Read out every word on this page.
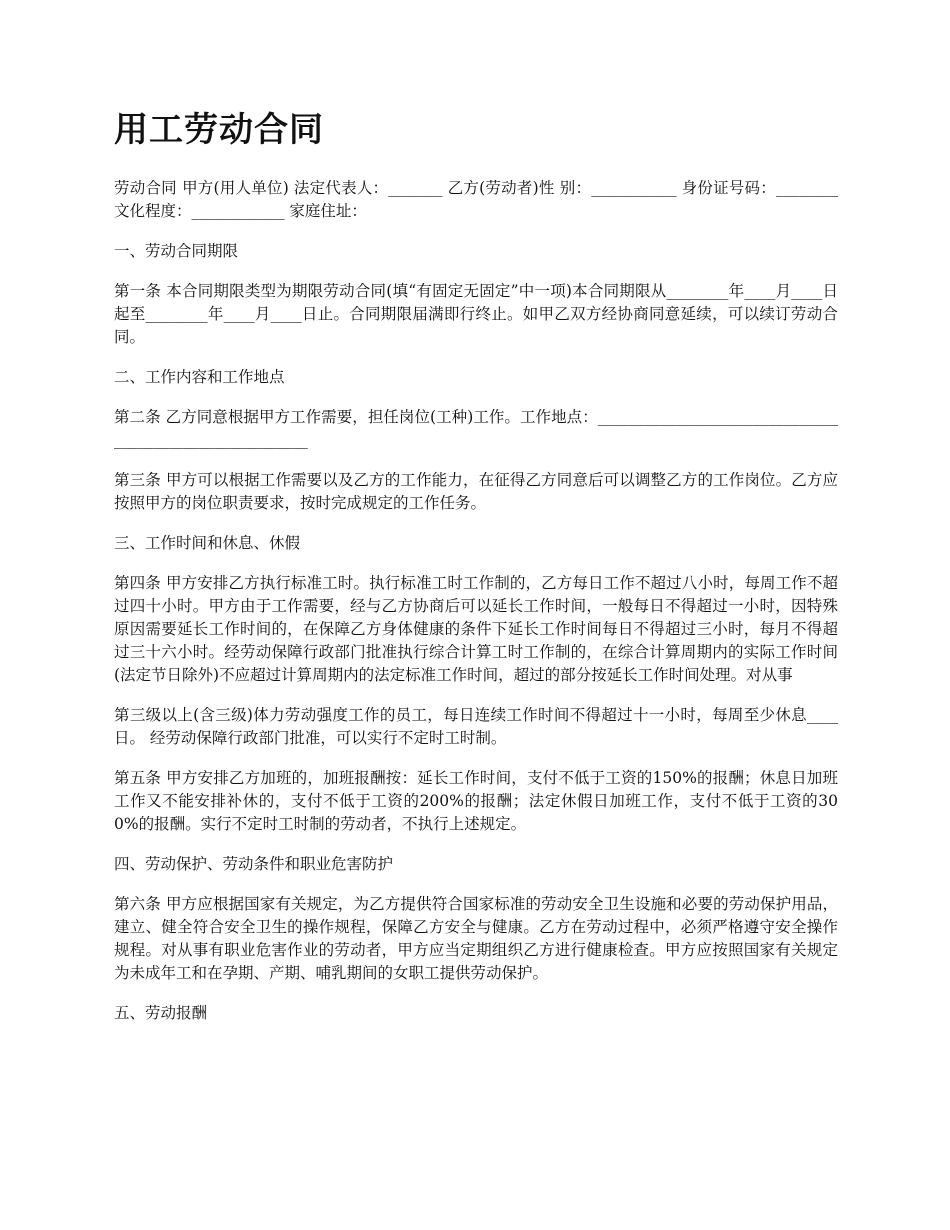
用工劳动合同

劳动合同 甲方(用人单位) 法定代表人：_______ 乙方(劳动者)性 别：___________ 身份证号码：________文化程度：____________ 家庭住址：

一、劳动合同期限

第一条 本合同期限类型为期限劳动合同(填“有固定无固定”中一项)本合同期限从________年____月____日起至________年____月____日止。合同期限届满即行终止。如甲乙双方经协商同意延续，可以续订劳动合同。

二、工作内容和工作地点

第二条 乙方同意根据甲方工作需要，担任岗位(工种)工作。工作地点：________________________________________________________

第三条 甲方可以根据工作需要以及乙方的工作能力，在征得乙方同意后可以调整乙方的工作岗位。乙方应按照甲方的岗位职责要求，按时完成规定的工作任务。

三、工作时间和休息、休假

第四条 甲方安排乙方执行标准工时。执行标准工时工作制的，乙方每日工作不超过八小时，每周工作不超过四十小时。甲方由于工作需要，经与乙方协商后可以延长工作时间，一般每日不得超过一小时，因特殊原因需要延长工作时间的，在保障乙方身体健康的条件下延长工作时间每日不得超过三小时，每月不得超过三十六小时。经劳动保障行政部门批准执行综合计算工时工作制的，在综合计算周期内的实际工作时间(法定节日除外)不应超过计算周期内的法定标准工作时间，超过的部分按延长工作时间处理。对从事

第三级以上(含三级)体力劳动强度工作的员工，每日连续工作时间不得超过十一小时，每周至少休息____日。 经劳动保障行政部门批准，可以实行不定时工时制。

第五条 甲方安排乙方加班的，加班报酬按：延长工作时间，支付不低于工资的150%的报酬；休息日加班工作又不能安排补休的，支付不低于工资的200%的报酬；法定休假日加班工作，支付不低于工资的300%的报酬。实行不定时工时制的劳动者，不执行上述规定。

四、劳动保护、劳动条件和职业危害防护

第六条 甲方应根据国家有关规定，为乙方提供符合国家标准的劳动安全卫生设施和必要的劳动保护用品，建立、健全符合安全卫生的操作规程，保障乙方安全与健康。乙方在劳动过程中，必须严格遵守安全操作规程。对从事有职业危害作业的劳动者，甲方应当定期组织乙方进行健康检查。甲方应按照国家有关规定为未成年工和在孕期、产期、哺乳期间的女职工提供劳动保护。

五、劳动报酬
